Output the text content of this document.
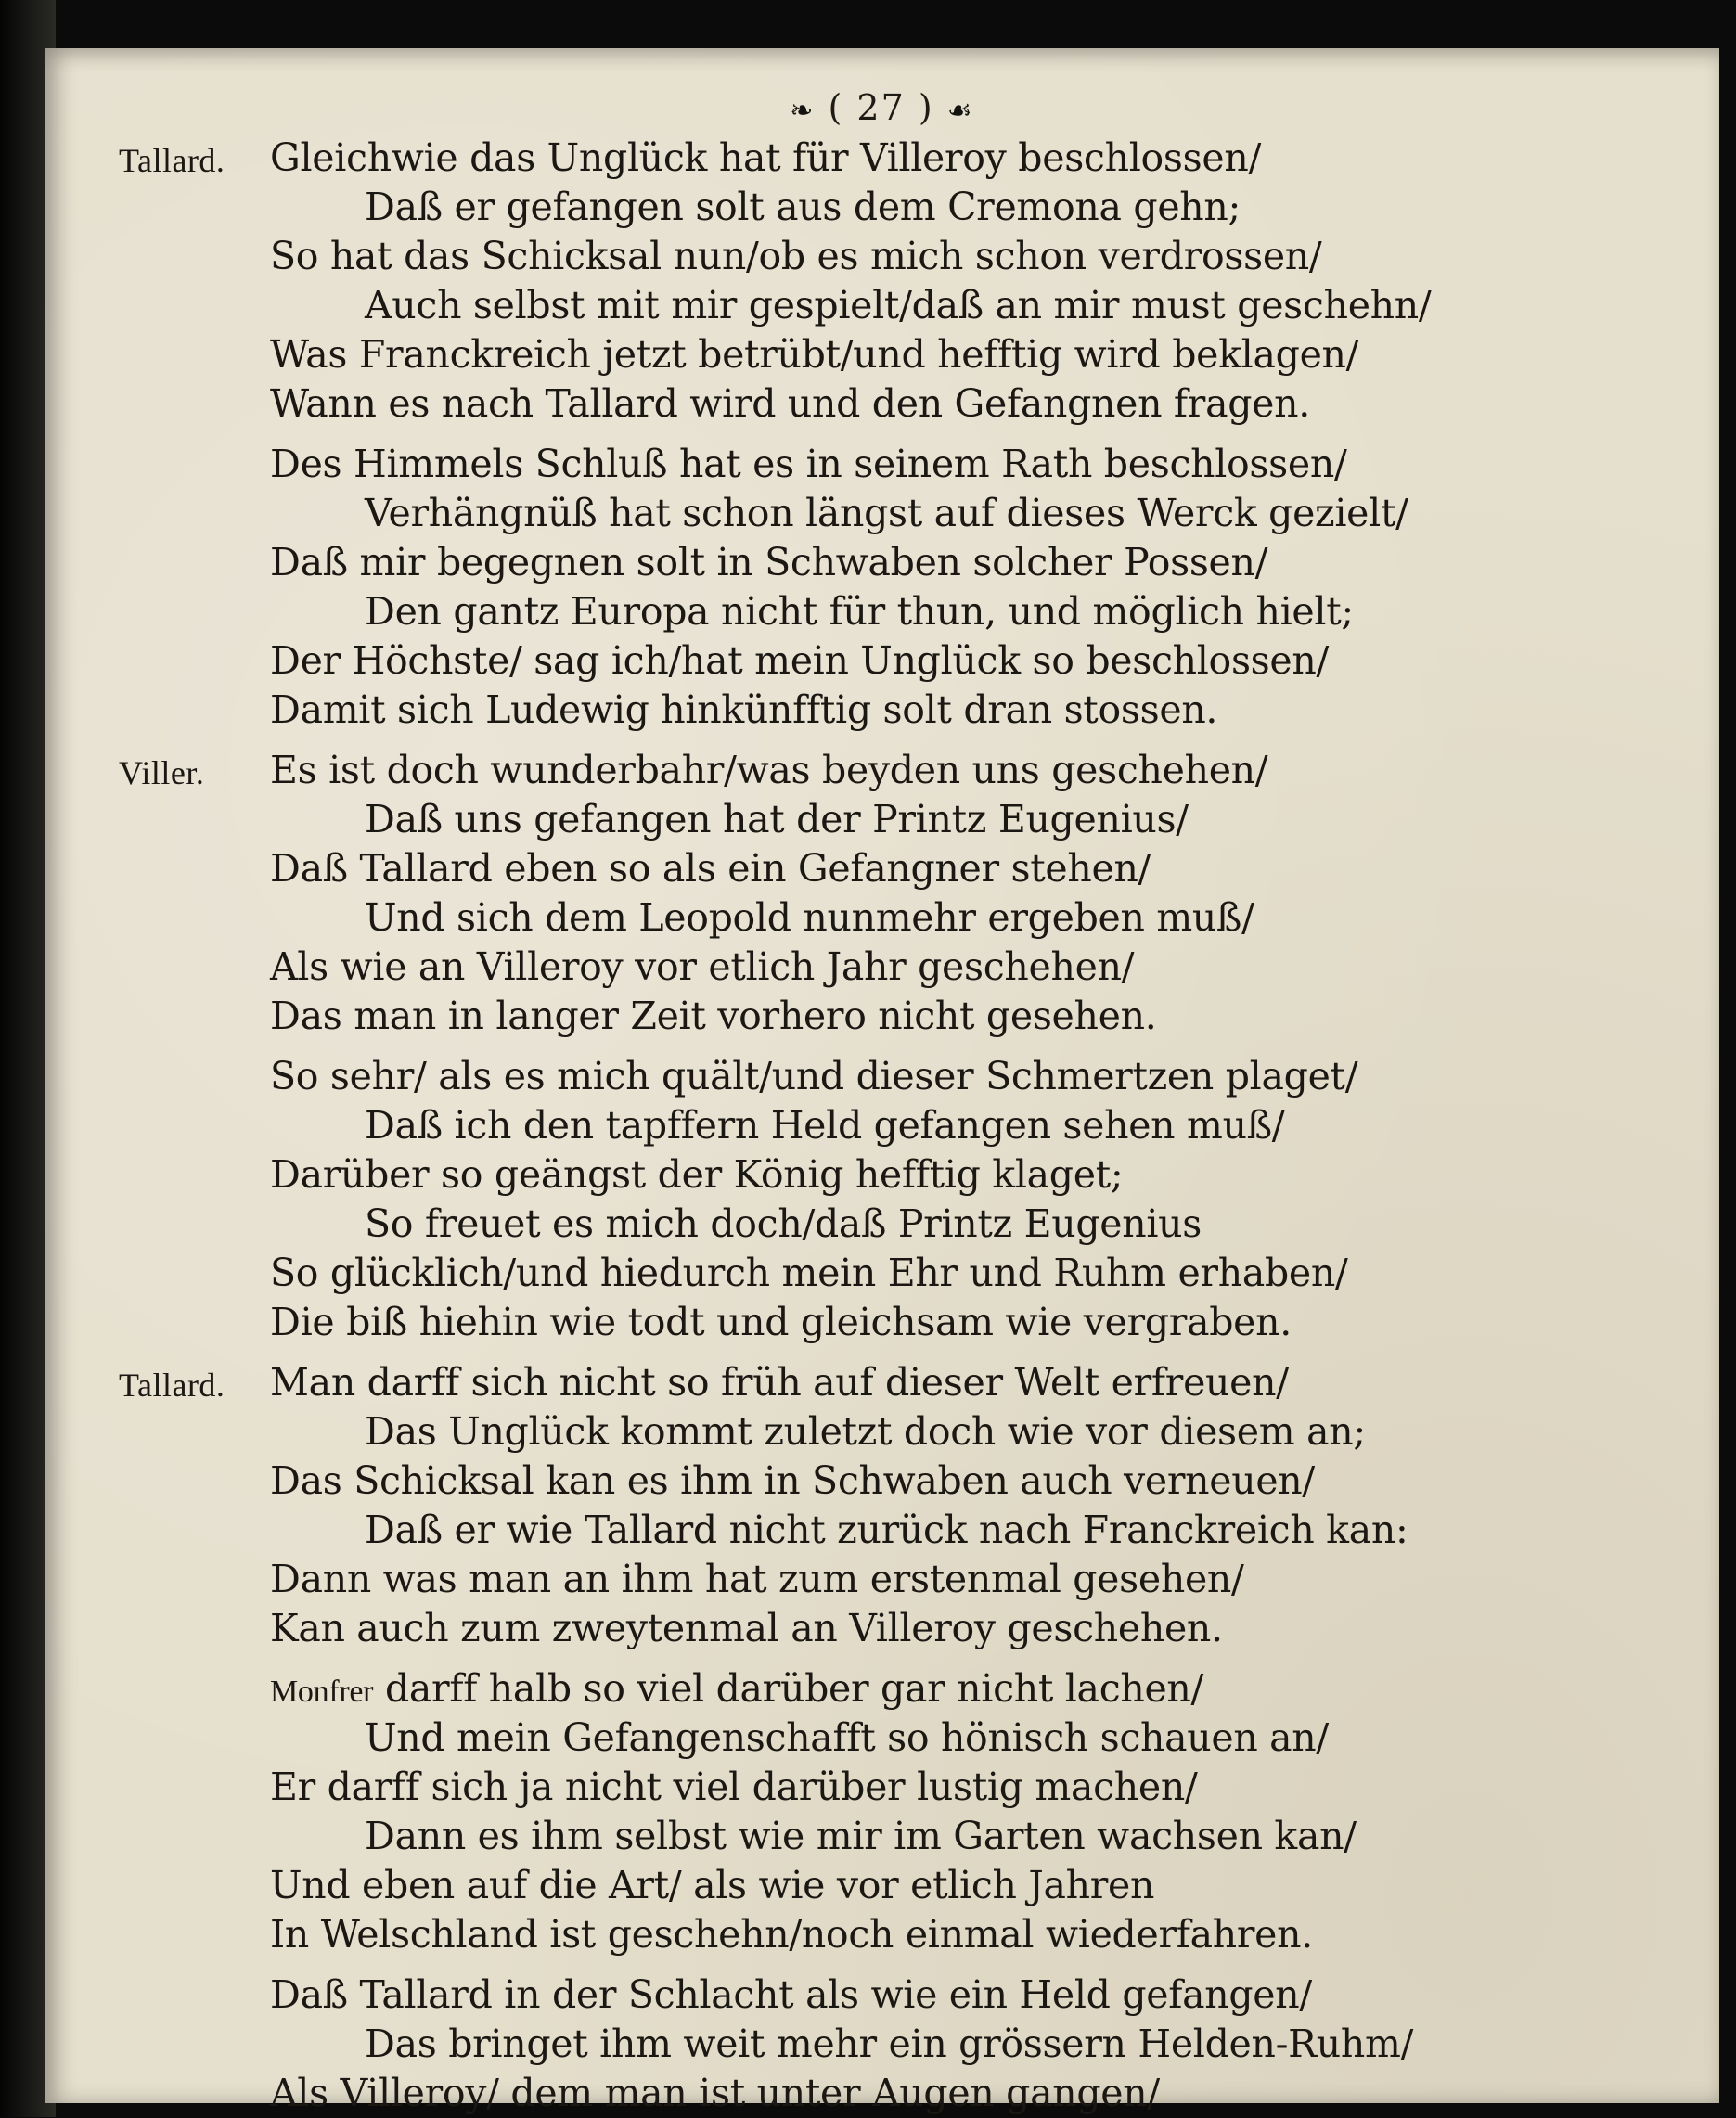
❧ ( 27 ) ☙
Tallard. Gleichwie das Unglück hat für Villeroy beschlossen/
Daß er gefangen solt aus dem Cremona gehn;
So hat das Schicksal nun/ob es mich schon verdrossen/
Auch selbst mit mir gespielt/daß an mir must geschehn/
Was Franckreich jetzt betrübt/und hefftig wird beklagen/
Wann es nach Tallard wird und den Gefangnen fragen.
Des Himmels Schluß hat es in seinem Rath beschlossen/
Verhängnüß hat schon längst auf dieses Werck gezielt/
Daß mir begegnen solt in Schwaben solcher Possen/
Den gantz Europa nicht für thun, und möglich hielt;
Der Höchste/ sag ich/hat mein Unglück so beschlossen/
Damit sich Ludewig hinkünfftig solt dran stossen.
Viller. Es ist doch wunderbahr/was beyden uns geschehen/
Daß uns gefangen hat der Printz Eugenius/
Daß Tallard eben so als ein Gefangner stehen/
Und sich dem Leopold nunmehr ergeben muß/
Als wie an Villeroy vor etlich Jahr geschehen/
Das man in langer Zeit vorhero nicht gesehen.
So sehr/ als es mich quält/und dieser Schmertzen plaget/
Daß ich den tapffern Held gefangen sehen muß/
Darüber so geängst der König hefftig klaget;
So freuet es mich doch/daß Printz Eugenius
So glücklich/und hiedurch mein Ehr und Ruhm erhaben/
Die biß hiehin wie todt und gleichsam wie vergraben.
Tallard. Man darff sich nicht so früh auf dieser Welt erfreuen/
Das Unglück kommt zuletzt doch wie vor diesem an;
Das Schicksal kan es ihm in Schwaben auch verneuen/
Daß er wie Tallard nicht zurück nach Franckreich kan:
Dann was man an ihm hat zum erstenmal gesehen/
Kan auch zum zweytenmal an Villeroy geschehen.
Monfrer darff halb so viel darüber gar nicht lachen/
Und mein Gefangenschafft so hönisch schauen an/
Er darff sich ja nicht viel darüber lustig machen/
Dann es ihm selbst wie mir im Garten wachsen kan/
Und eben auf die Art/ als wie vor etlich Jahren
In Welschland ist geschehn/noch einmal wiederfahren.
Daß Tallard in der Schlacht als wie ein Held gefangen/
Das bringet ihm weit mehr ein grössern Helden-Ruhm/
Als Villeroy/ dem man ist unter Augen gangen/
